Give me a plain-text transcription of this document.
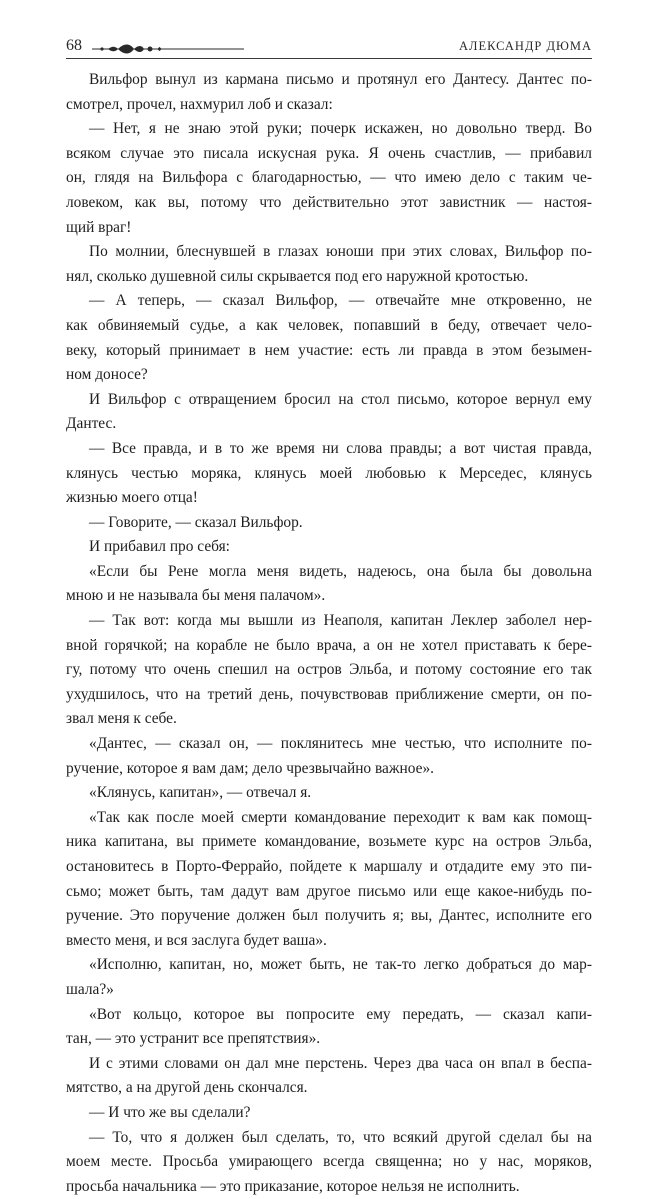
68	АЛЕКСАНДР ДЮМА

Вильфор вынул из кармана письмо и протянул его Дантесу. Дантес по-
смотрел, прочел, нахмурил лоб и сказал:

— Нет, я не знаю этой руки; почерк искажен, но довольно тверд. Во
всяком случае это писала искусная рука. Я очень счастлив, — прибавил
он, глядя на Вильфора с благодарностью, — что имею дело с таким че-
ловеком, как вы, потому что действительно этот завистник — настоя-
щий враг!

По молнии, блеснувшей в глазах юноши при этих словах, Вильфор по-
нял, сколько душевной силы скрывается под его наружной кротостью.

— А теперь, — сказал Вильфор, — отвечайте мне откровенно, не
как обвиняемый судье, а как человек, попавший в беду, отвечает чело-
веку, который принимает в нем участие: есть ли правда в этом безымен-
ном доносе?

И Вильфор с отвращением бросил на стол письмо, которое вернул ему
Дантес.

— Все правда, и в то же время ни слова правды; а вот чистая правда,
клянусь честью моряка, клянусь моей любовью к Мерседес, клянусь
жизнью моего отца!

— Говорите, — сказал Вильфор.

И прибавил про себя:

«Если бы Рене могла меня видеть, надеюсь, она была бы довольна
мною и не называла бы меня палачом».

— Так вот: когда мы вышли из Неаполя, капитан Леклер заболел нер-
вной горячкой; на корабле не было врача, а он не хотел приставать к бере-
гу, потому что очень спешил на остров Эльба, и потому состояние его так
ухудшилось, что на третий день, почувствовав приближение смерти, он по-
звал меня к себе.

«Дантес, — сказал он, — поклянитесь мне честью, что исполните по-
ручение, которое я вам дам; дело чрезвычайно важное».

«Клянусь, капитан», — отвечал я.

«Так как после моей смерти командование переходит к вам как помощ-
ника капитана, вы примете командование, возьмете курс на остров Эльба,
остановитесь в Порто-Феррайо, пойдете к маршалу и отдадите ему это пи-
сьмо; может быть, там дадут вам другое письмо или еще какое-нибудь по-
ручение. Это поручение должен был получить я; вы, Дантес, исполните его
вместо меня, и вся заслуга будет ваша».

«Исполню, капитан, но, может быть, не так-то легко добраться до мар-
шала?»

«Вот кольцо, которое вы попросите ему передать, — сказал капи-
тан, — это устранит все препятствия».

И с этими словами он дал мне перстень. Через два часа он впал в беспа-
мятство, а на другой день скончался.

— И что же вы сделали?

— То, что я должен был сделать, то, что всякий другой сделал бы на
моем месте. Просьба умирающего всегда священна; но у нас, моряков,
просьба начальника — это приказание, которое нельзя не исполнить.
